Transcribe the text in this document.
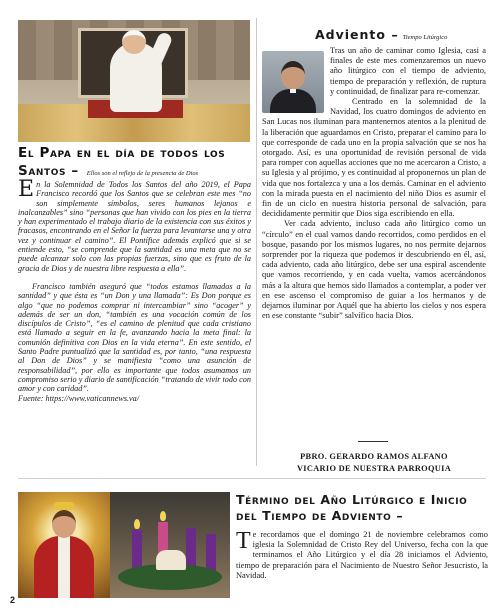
El Papa en el día de todos los
Santos – Ellos son el reflejo de la presencia de Dios

En la Solemnidad de Todos los Santos del año 2019, el Papa Francisco recordó que los Santos que se celebran este mes “no son simplemente símbolos, seres humanos lejanos e inalcanzables” sino “personas que han vivido con los pies en la tierra y han experimentado el trabajo diario de la existencia con sus éxitos y fracasos, encontrando en el Señor la fuerza para levantarse una y otra vez y continuar el camino”. El Pontífice además explicó que si se entiende esto, “se comprende que la santidad es una meta que no se puede alcanzar solo con las propias fuerzas, sino que es fruto de la gracia de Dios y de nuestra libre respuesta a ella”.

Francisco también aseguró que “todos estamos llamados a la santidad” y que ésta es “un Don y una llamada”: Es Don porque es algo “que no podemos comprar ni intercambiar” sino “acoger” y además de ser un don, “también es una vocación común de los discípulos de Cristo”, “es el camino de plenitud que cada cristiano está llamado a seguir en la fe, avanzando hacia la meta final: la comunión definitiva con Dios en la vida eterna”. En este sentido, el Santo Padre puntualizó que la santidad es, por tanto, “una respuesta al Don de Dios” y se manifiesta “como una asunción de responsabilidad”, por ello es importante que todos asumamos un compromiso serio y diario de santificación “tratando de vivir todo con amor y con caridad”.

Fuente: https://www.vaticannews.va/
Adviento – Tiempo Litúrgico

Tras un año de caminar como Iglesia, casi a finales de este mes comenzaremos un nuevo año litúrgico con el tiempo de adviento, tiempo de preparación y reflexión, de ruptura y continuidad, de finalizar para re-comenzar.

Centrado en la solemnidad de la Navidad, los cuatro domingos de adviento en San Lucas nos iluminan para mantenernos atentos a la plenitud de la liberación que aguardamos en Cristo, preparar el camino para lo que corresponde de cada uno en la propia salvación que se nos ha otorgado. Así, es una oportunidad de revisión personal de vida para romper con aquellas acciones que no me acercaron a Cristo, a su Iglesia y al prójimo, y es continuidad al proponernos un plan de vida que nos fortalezca y una a los demás. Caminar en el adviento con la mirada puesta en el nacimiento del niño Dios es asumir el fin de un ciclo en nuestra historia personal de salvación, para decididamente permitir que Dios siga escribiendo en ella.

Ver cada adviento, incluso cada año litúrgico como un “círculo” en el cual vamos dando recorridos, como perdidos en el bosque, pasando por los mismos lugares, no nos permite dejarnos sorprender por la riqueza que podemos ir descubriendo en él, así, cada adviento, cada año litúrgico, debe ser una espiral ascendente que vamos recorriendo, y en cada vuelta, vamos acercándonos más a la altura que hemos sido llamados a contemplar, a poder ver en ese ascenso el compromiso de guiar a los hermanos y de dejarnos iluminar por Aquél que ha abierto los cielos y nos espera en ese constante “subir” salvífico hacia Dios.

PBRO. GERARDO RAMOS ALFANO
VICARIO DE NUESTRA PARROQUIA
Término del Año Litúrgico e Inicio del Tiempo de Adviento –
Te recordamos que el domingo 21 de noviembre celebramos como iglesia la Solemnidad de Cristo Rey del Universo, fecha con la que terminamos el Año Litúrgico y el día 28 iniciamos el Adviento, tiempo de preparación para el Nacimiento de Nuestro Señor Jesucristo, la Navidad.
2
